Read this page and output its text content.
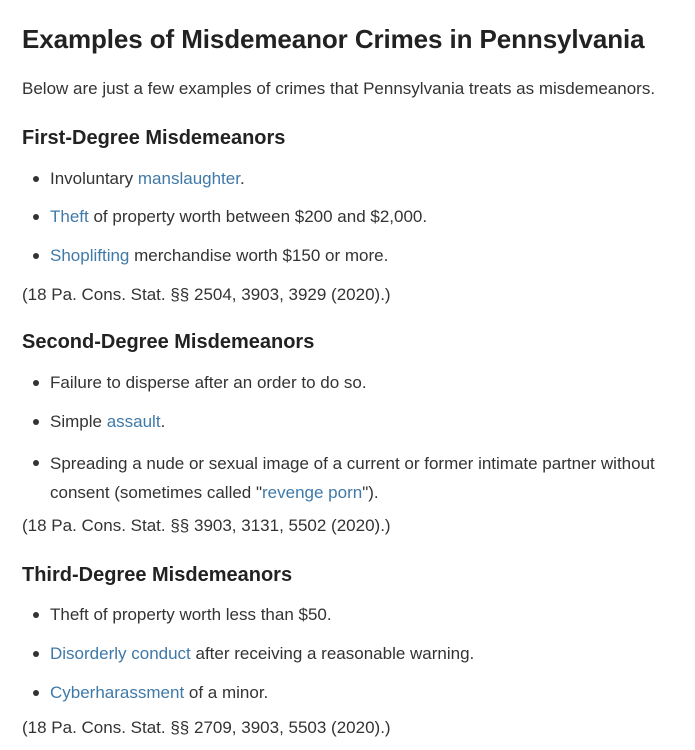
Examples of Misdemeanor Crimes in Pennsylvania
Below are just a few examples of crimes that Pennsylvania treats as misdemeanors.
First-Degree Misdemeanors
Involuntary manslaughter.
Theft of property worth between $200 and $2,000.
Shoplifting merchandise worth $150 or more.
(18 Pa. Cons. Stat. §§ 2504, 3903, 3929 (2020).)
Second-Degree Misdemeanors
Failure to disperse after an order to do so.
Simple assault.
Spreading a nude or sexual image of a current or former intimate partner without consent (sometimes called "revenge porn").
(18 Pa. Cons. Stat. §§ 3903, 3131, 5502 (2020).)
Third-Degree Misdemeanors
Theft of property worth less than $50.
Disorderly conduct after receiving a reasonable warning.
Cyberharassment of a minor.
(18 Pa. Cons. Stat. §§ 2709, 3903, 5503 (2020).)
